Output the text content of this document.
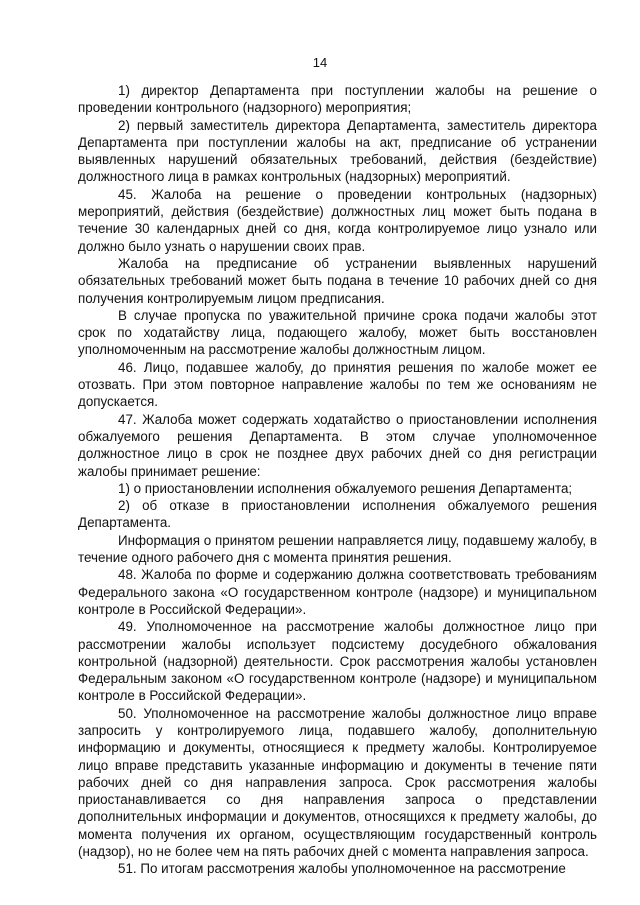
14

1) директор Департамента при поступлении жалобы на решение о проведении контрольного (надзорного) мероприятия;

2) первый заместитель директора Департамента, заместитель директора Департамента при поступлении жалобы на акт, предписание об устранении выявленных нарушений обязательных требований, действия (бездействие) должностного лица в рамках контрольных (надзорных) мероприятий.

45. Жалоба на решение о проведении контрольных (надзорных) мероприятий, действия (бездействие) должностных лиц может быть подана в течение 30 календарных дней со дня, когда контролируемое лицо узнало или должно было узнать о нарушении своих прав.

Жалоба на предписание об устранении выявленных нарушений обязательных требований может быть подана в течение 10 рабочих дней со дня получения контролируемым лицом предписания.

В случае пропуска по уважительной причине срока подачи жалобы этот срок по ходатайству лица, подающего жалобу, может быть восстановлен уполномоченным на рассмотрение жалобы должностным лицом.

46. Лицо, подавшее жалобу, до принятия решения по жалобе может ее отозвать. При этом повторное направление жалобы по тем же основаниям не допускается.

47. Жалоба может содержать ходатайство о приостановлении исполнения обжалуемого решения Департамента. В этом случае уполномоченное должностное лицо в срок не позднее двух рабочих дней со дня регистрации жалобы принимает решение:

1) о приостановлении исполнения обжалуемого решения Департамента;

2) об отказе в приостановлении исполнения обжалуемого решения Департамента.

Информация о принятом решении направляется лицу, подавшему жалобу, в течение одного рабочего дня с момента принятия решения.

48. Жалоба по форме и содержанию должна соответствовать требованиям Федерального закона «О государственном контроле (надзоре) и муниципальном контроле в Российской Федерации».

49. Уполномоченное на рассмотрение жалобы должностное лицо при рассмотрении жалобы использует подсистему досудебного обжалования контрольной (надзорной) деятельности. Срок рассмотрения жалобы установлен Федеральным законом «О государственном контроле (надзоре) и муниципальном контроле в Российской Федерации».

50. Уполномоченное на рассмотрение жалобы должностное лицо вправе запросить у контролируемого лица, подавшего жалобу, дополнительную информацию и документы, относящиеся к предмету жалобы. Контролируемое лицо вправе представить указанные информацию и документы в течение пяти рабочих дней со дня направления запроса. Срок рассмотрения жалобы приостанавливается со дня направления запроса о представлении дополнительных информации и документов, относящихся к предмету жалобы, до момента получения их органом, осуществляющим государственный контроль (надзор), но не более чем на пять рабочих дней с момента направления запроса.

51. По итогам рассмотрения жалобы уполномоченное на рассмотрение
